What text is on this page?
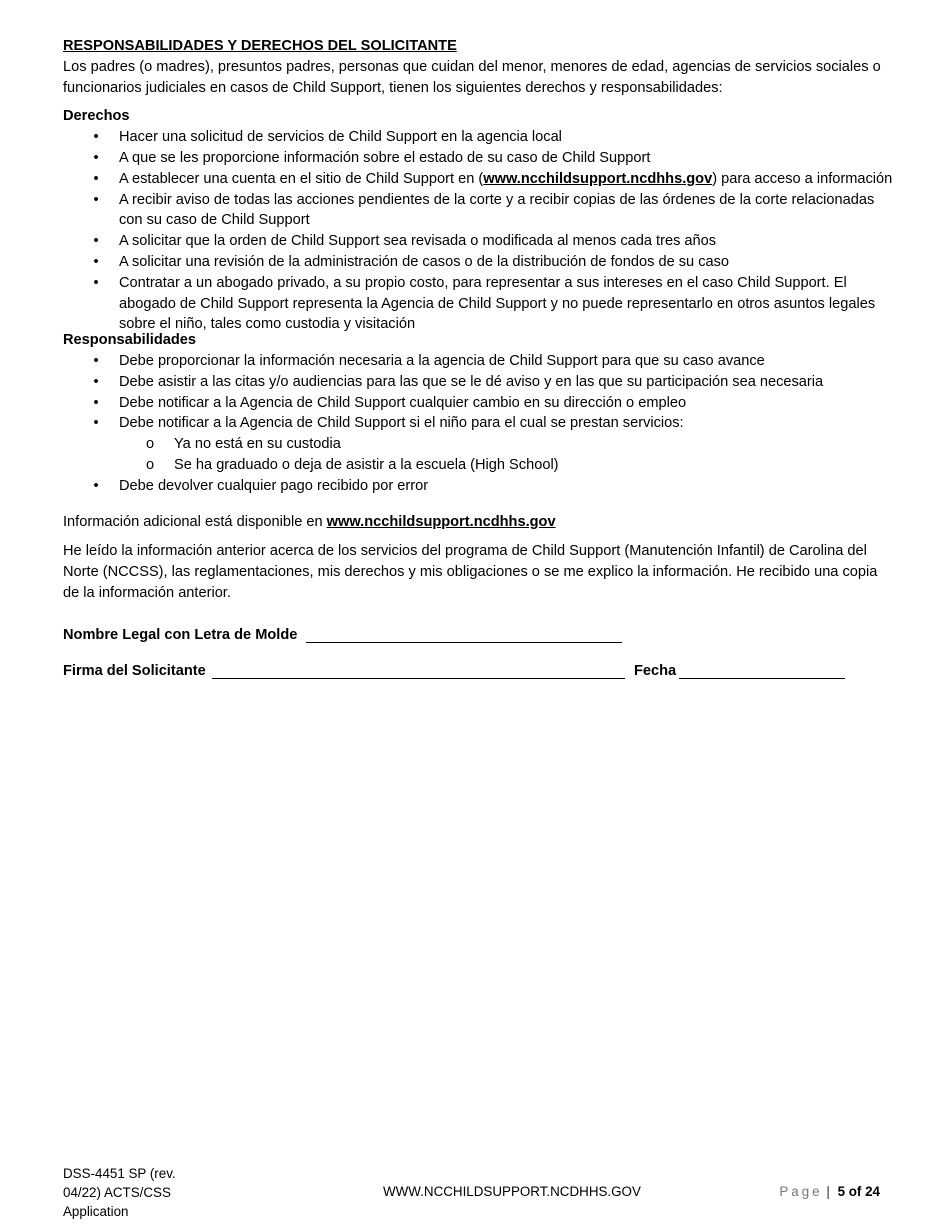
RESPONSABILIDADES Y DERECHOS DEL SOLICITANTE

Los padres (o madres), presuntos padres, personas que cuidan del menor, menores de edad, agencias de servicios sociales o funcionarios judiciales en casos de Child Support, tienen los siguientes derechos y responsabilidades:

Derechos
• Hacer una solicitud de servicios de Child Support en la agencia local
• A que se les proporcione información sobre el estado de su caso de Child Support
• A establecer una cuenta en el sitio de Child Support en (www.ncchildsupport.ncdhhs.gov) para acceso a información
• A recibir aviso de todas las acciones pendientes de la corte y a recibir copias de las órdenes de la corte relacionadas con su caso de Child Support
• A solicitar que la orden de Child Support sea revisada o modificada al menos cada tres años
• A solicitar una revisión de la administración de casos o de la distribución de fondos de su caso
• Contratar a un abogado privado, a su propio costo, para representar a sus intereses en el caso Child Support. El abogado de Child Support representa la Agencia de Child Support y no puede representarlo en otros asuntos legales sobre el niño, tales como custodia y visitación
Responsabilidades
• Debe proporcionar la información necesaria a la agencia de Child Support para que su caso avance
• Debe asistir a las citas y/o audiencias para las que se le dé aviso y en las que su participación sea necesaria
• Debe notificar a la Agencia de Child Support cualquier cambio en su dirección o empleo
• Debe notificar a la Agencia de Child Support si el niño para el cual se prestan servicios:
o Ya no está en su custodia
o Se ha graduado o deja de asistir a la escuela (High School)
• Debe devolver cualquier pago recibido por error

Información adicional está disponible en www.ncchildsupport.ncdhhs.gov

He leído la información anterior acerca de los servicios del programa de Child Support (Manutención Infantil) de Carolina del Norte (NCCSS), las reglamentaciones, mis derechos y mis obligaciones o se me explico la información. He recibido una copia de la información anterior.

Nombre Legal con Letra de Molde
Firma del Solicitante	Fecha
DSS-4451 SP (rev. 04/22) ACTS/CSS Application
WWW.NCCHILDSUPPORT.NCDHHS.GOV	Page | 5 of 24
